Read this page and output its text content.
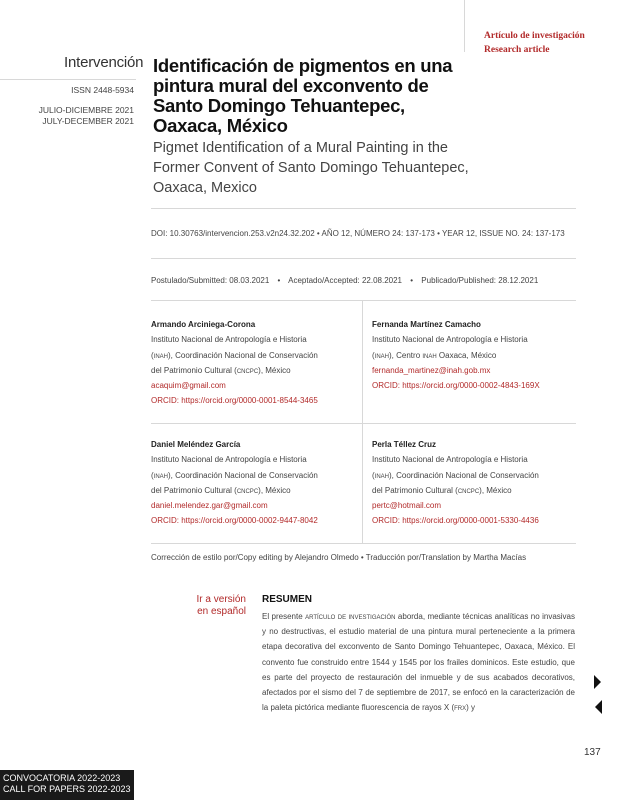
Artículo de investigación
Research article
Intervención
ISSN 2448-5934
JULIO-DICIEMBRE 2021
JULY-DECEMBER 2021
Identificación de pigmentos en una pintura mural del exconvento de Santo Domingo Tehuantepec, Oaxaca, México
Pigmet Identification of a Mural Painting in the Former Convent of Santo Domingo Tehuantepec, Oaxaca, Mexico
DOI: 10.30763/intervencion.253.v2n24.32.202 • AÑO 12, NÚMERO 24: 137-173 • YEAR 12, ISSUE NO. 24: 137-173
Postulado/Submitted: 08.03.2021 • Aceptado/Accepted: 22.08.2021 • Publicado/Published: 28.12.2021
Armando Arciniega-Corona
Instituto Nacional de Antropología e Historia
(inah), Coordinación Nacional de Conservación
del Patrimonio Cultural (cncpc), México
acaquim@gmail.com
ORCID: https://orcid.org/0000-0001-8544-3465
Fernanda Martínez Camacho
Instituto Nacional de Antropología e Historia
(inah), Centro inah Oaxaca, México
fernanda_martinez@inah.gob.mx
ORCID: https://orcid.org/0000-0002-4843-169X
Daniel Meléndez García
Instituto Nacional de Antropología e Historia
(inah), Coordinación Nacional de Conservación
del Patrimonio Cultural (cncpc), México
daniel.melendez.gar@gmail.com
ORCID: https://orcid.org/0000-0002-9447-8042
Perla Téllez Cruz
Instituto Nacional de Antropología e Historia
(inah), Coordinación Nacional de Conservación
del Patrimonio Cultural (cncpc), México
pertc@hotmail.com
ORCID: https://orcid.org/0000-0001-5330-4436
Corrección de estilo por/Copy editing by Alejandro Olmedo • Traducción por/Translation by Martha Macías
Ir a versión en español
RESUMEN
El presente artículo de investigación aborda, mediante técnicas analíticas no invasivas y no destructivas, el estudio material de una pintura mural perteneciente a la primera etapa decorativa del exconvento de Santo Domingo Tehuantepec, Oaxaca, México. El convento fue construido entre 1544 y 1545 por los frailes dominicos. Este estudio, que es parte del proyecto de restauración del inmueble y de sus acabados decorativos, afectados por el sismo del 7 de septiembre de 2017, se enfocó en la caracterización de la paleta pictórica mediante fluorescencia de rayos X (frx) y
137
CONVOCATORIA 2022-2023
CALL FOR PAPERS 2022-2023
